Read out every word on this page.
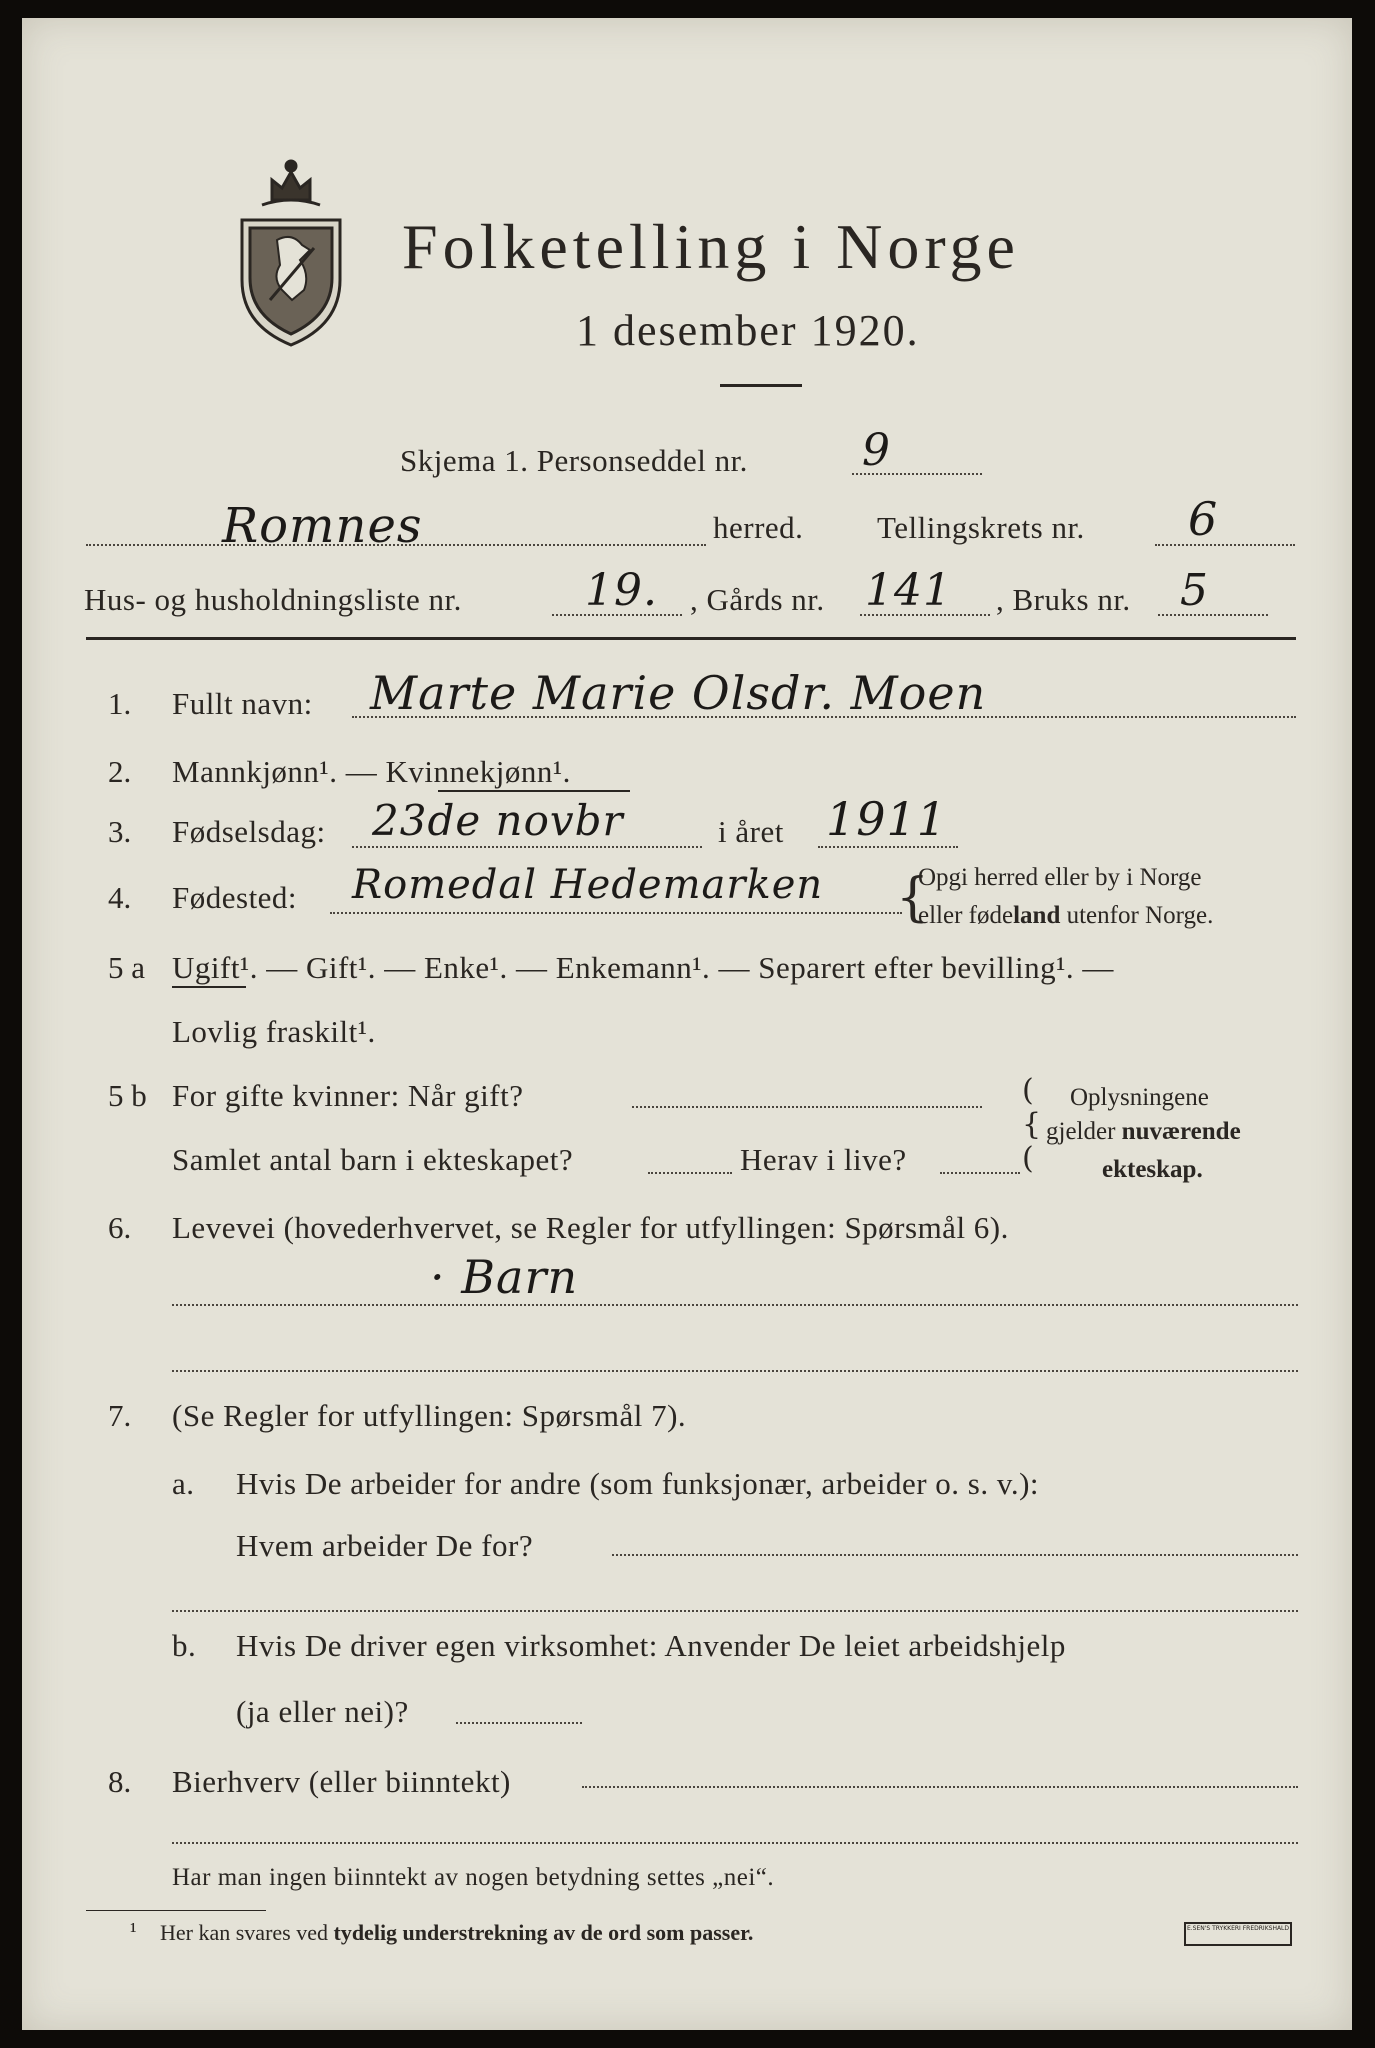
Folketelling i Norge
1 desember 1920.
Skjema 1. Personseddel nr.	9
Romnes	herred. Tellingskrets nr. 6
Hus- og husholdningsliste nr.	19. , Gårds nr. 141 , Bruks nr. 5
1. Fullt navn: Marte Marie Olsdr. Moen
2. Mannkjønn¹. — Kvinnekjønn¹.
3. Fødselsdag: 23de novbr	i året 1911
4. Fødested: Romedal Hedemarken {
Opgi herred eller by i Norge
eller fødeland utenfor Norge.
5 a Ugift¹. — Gift¹. — Enke¹. — Enkemann¹. — Separert efter bevilling¹. —
Lovlig fraskilt¹.
5 b For gifte kvinner: Når gift?
Samlet antal barn i ekteskapet?	Herav i live?
(
{
(
Oplysningene
gjelder nuværende
ekteskap.
6. Levevei (hovederhvervet, se Regler for utfyllingen: Spørsmål 6).
· Barn
7. (Se Regler for utfyllingen: Spørsmål 7).
a. Hvis De arbeider for andre (som funksjonær, arbeider o. s. v.):
Hvem arbeider De for?
b. Hvis De driver egen virksomhet: Anvender De leiet arbeidshjelp
(ja eller nei)?
8. Bierhverv (eller biinntekt)
Har man ingen biinntekt av nogen betydning settes „nei“.
¹ Her kan svares ved tydelig understrekning av de ord som passer.	E.SEN'S TRYKKERI FREDRIKSHALD
